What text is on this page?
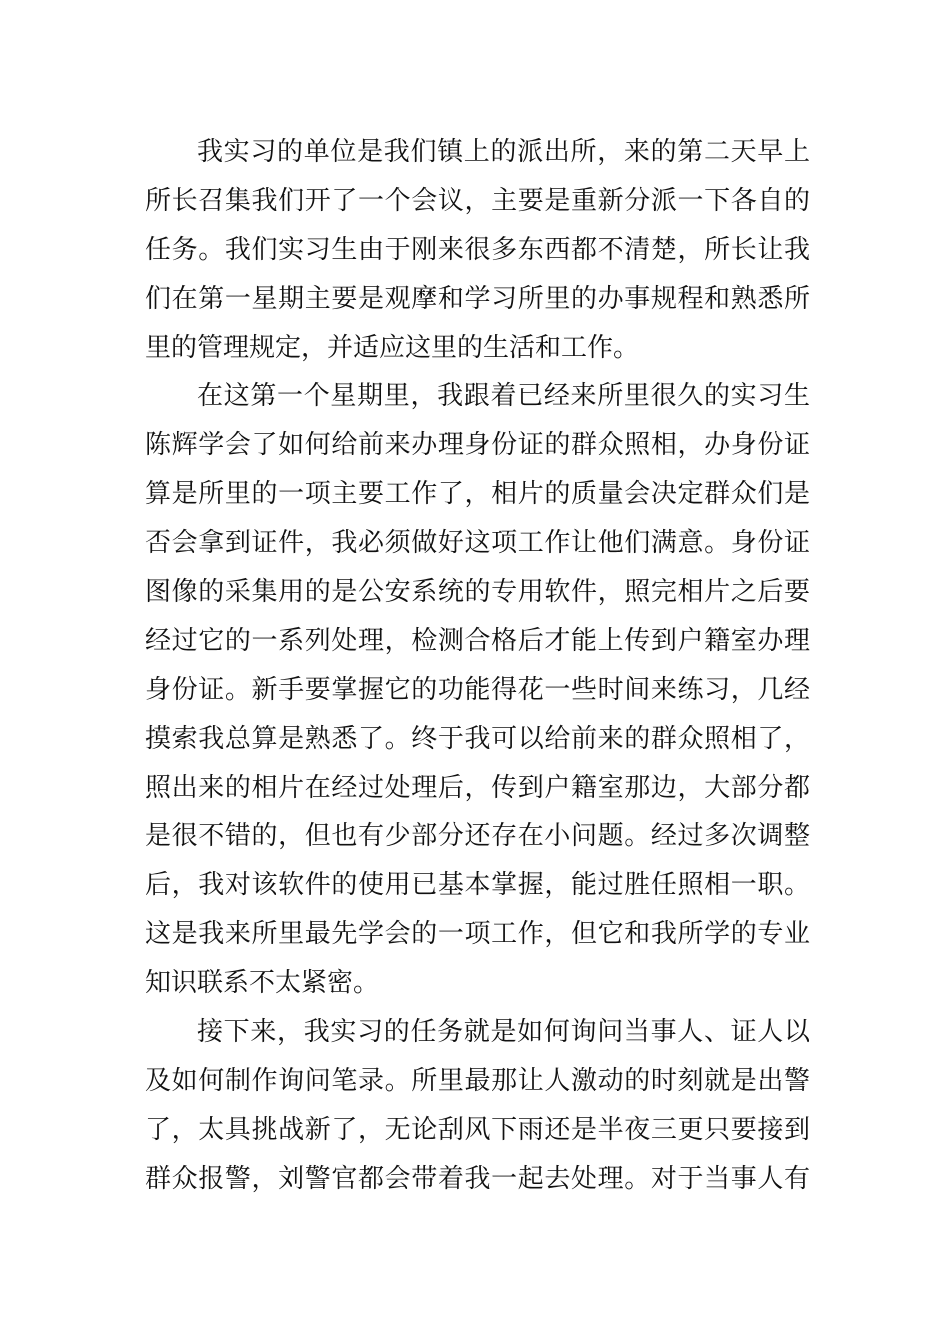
我实习的单位是我们镇上的派出所，来的第二天早上
所长召集我们开了一个会议，主要是重新分派一下各自的
任务。我们实习生由于刚来很多东西都不清楚，所长让我
们在第一星期主要是观摩和学习所里的办事规程和熟悉所
里的管理规定，并适应这里的生活和工作。
在这第一个星期里，我跟着已经来所里很久的实习生
陈辉学会了如何给前来办理身份证的群众照相，办身份证
算是所里的一项主要工作了，相片的质量会决定群众们是
否会拿到证件，我必须做好这项工作让他们满意。身份证
图像的采集用的是公安系统的专用软件，照完相片之后要
经过它的一系列处理，检测合格后才能上传到户籍室办理
身份证。新手要掌握它的功能得花一些时间来练习，几经
摸索我总算是熟悉了。终于我可以给前来的群众照相了，
照出来的相片在经过处理后，传到户籍室那边，大部分都
是很不错的，但也有少部分还存在小问题。经过多次调整
后，我对该软件的使用已基本掌握，能过胜任照相一职。
这是我来所里最先学会的一项工作，但它和我所学的专业
知识联系不太紧密。
接下来，我实习的任务就是如何询问当事人、证人以
及如何制作询问笔录。所里最那让人激动的时刻就是出警
了，太具挑战新了，无论刮风下雨还是半夜三更只要接到
群众报警，刘警官都会带着我一起去处理。对于当事人有
